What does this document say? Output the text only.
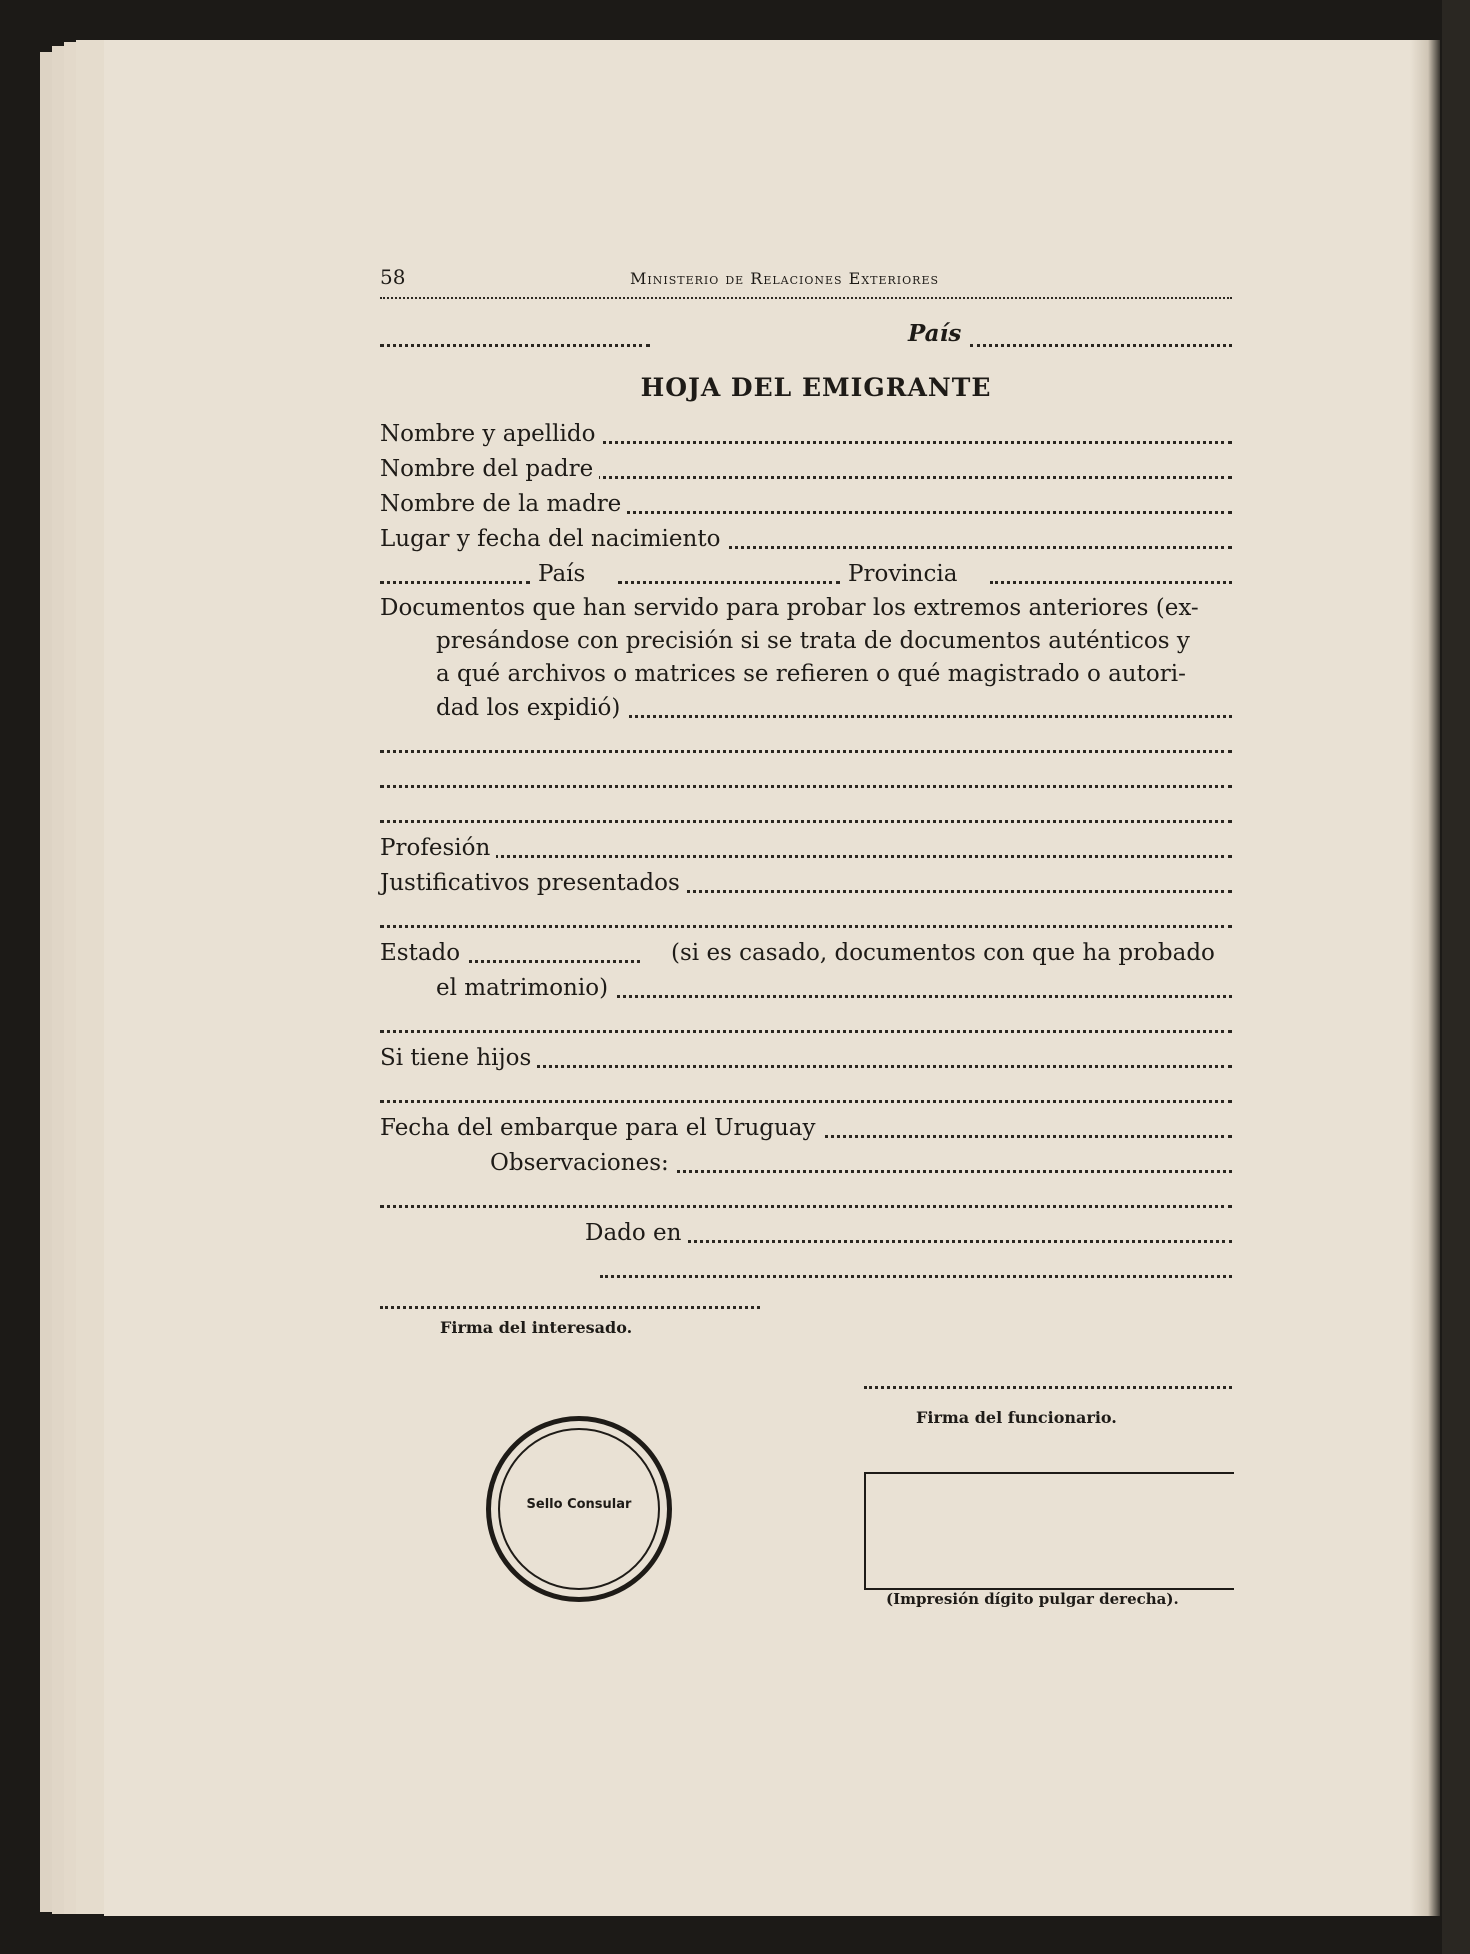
58	Ministerio de Relaciones Exteriores
País
HOJA DEL EMIGRANTE
Nombre y apellido
Nombre del padre
Nombre de la madre
Lugar y fecha del nacimiento
País	Provincia
Documentos que han servido para probar los extremos anteriores (ex-
presándose con precisión si se trata de documentos auténticos y
a qué archivos o matrices se refieren o qué magistrado o autori-
dad los expidió)
Profesión
Justificativos presentados
Estado	(si es casado, documentos con que ha probado
el matrimonio)
Si tiene hijos
Fecha del embarque para el Uruguay
Observaciones:
Dado en
Firma del interesado.
Firma del funcionario.
Sello Consular
(Impresión dígito pulgar derecha).
